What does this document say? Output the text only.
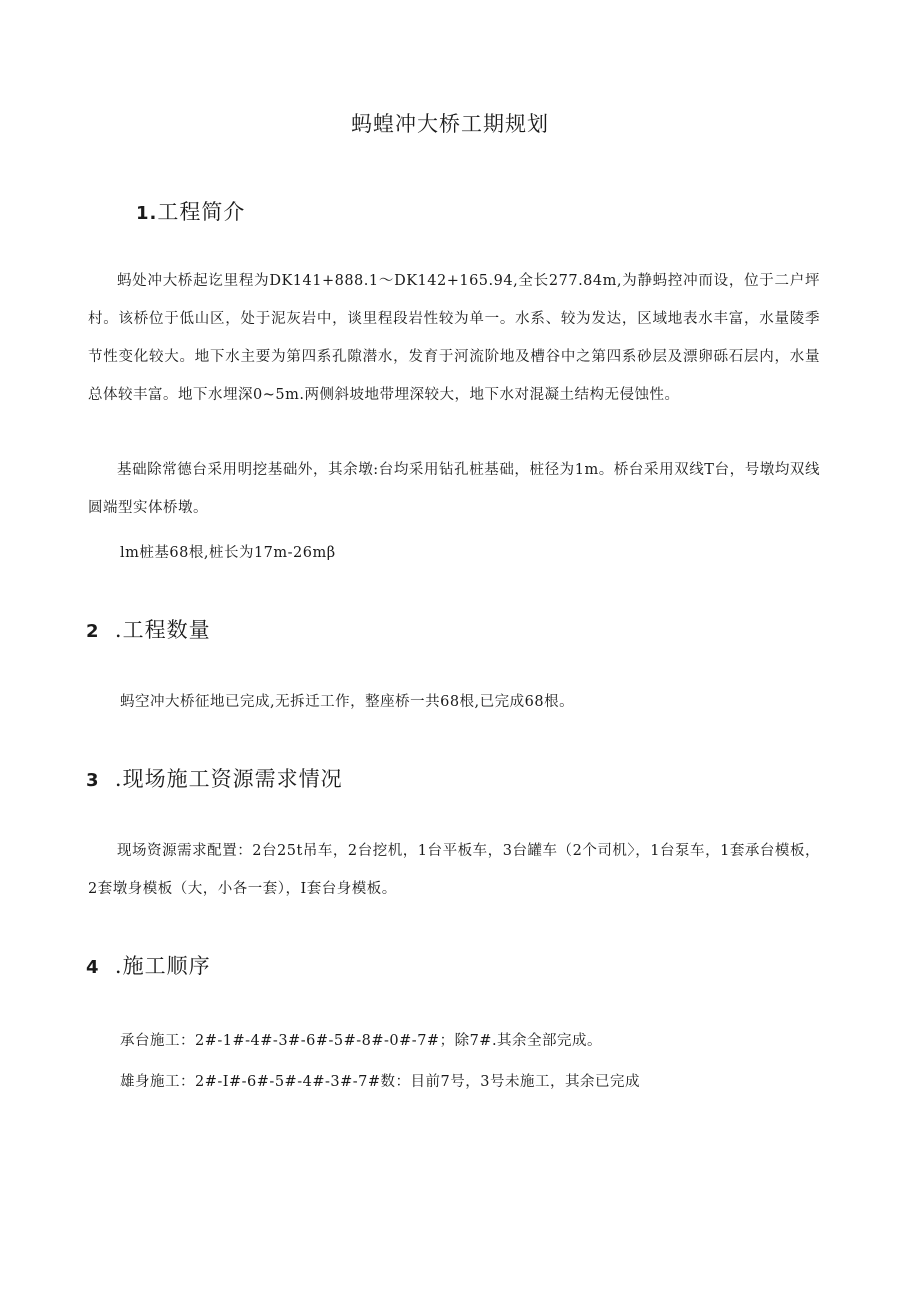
蚂蝗冲大桥工期规划
1.工程简介

蚂处冲大桥起讫里程为DK141+888.1〜DK142+165.94,全长277.84m,为静蚂控冲而设，位于二户坪村。该桥位于低山区，处于泥灰岩中，谈里程段岩性较为单一。水系、较为发达，区域地表水丰富，水量陵季节性变化较大。地下水主要为第四系孔隙潜水，发育于河流阶地及槽谷中之第四系砂层及漂卵砾石层内，水量总体较丰富。地下水埋深0~5m.两侧斜坡地带埋深较大，地下水对混凝土结构无侵蚀性。

基础除常德台采用明挖基础外，其余墩:台均采用钻孔桩基础，桩径为1m。桥台采用双线T台，号墩均双线圆端型实体桥墩。

lm桩基68根,桩长为17m-26mβ
2 .工程数量
蚂空冲大桥征地已完成,无拆迁工作，整座桥一共68根,已完成68根。
3 .现场施工资源需求情况

现场资源需求配置：2台25t吊车，2台挖机，1台平板车，3台罐车（2个司机〉，1台泵车，1套承台模板，2套墩身模板（大，小各一套），I套台身模板。

4 .施工顺序
承台施工：2#-1#-4#-3#-6#-5#-8#-0#-7#；除7#.其余全部完成。
雄身施工：2#-I#-6#-5#-4#-3#-7#数：目前7号，3号未施工，其余已完成
